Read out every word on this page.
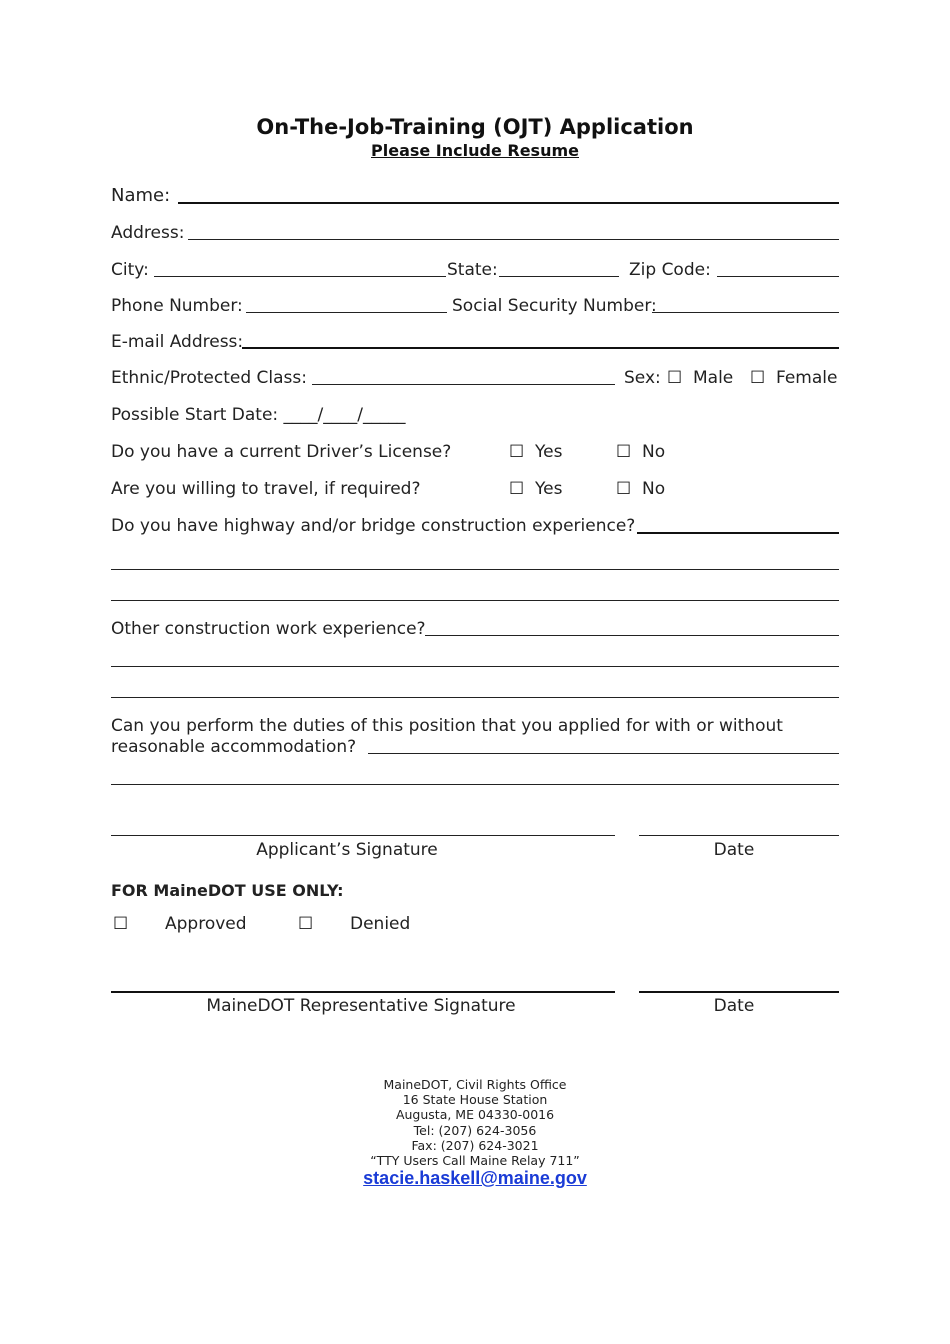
On-The-Job-Training (OJT) Application
Please Include Resume
Name:
Address:
City:	State:	Zip Code:
Phone Number:	Social Security Number:
E-mail Address:
Ethnic/Protected Class:	Sex: ☐ Male ☐ Female
Possible Start Date: ____/____/_____
Do you have a current Driver’s License?	☐ Yes	☐ No
Are you willing to travel, if required?	☐ Yes	☐ No
Do you have highway and/or bridge construction experience?
Other construction work experience?
Can you perform the duties of this position that you applied for with or without
reasonable accommodation?
Applicant’s Signature	Date
FOR MaineDOT USE ONLY:
☐ Approved	☐ Denied
MaineDOT Representative Signature	Date
MaineDOT, Civil Rights Office
16 State House Station
Augusta, ME 04330-0016
Tel: (207) 624-3056
Fax: (207) 624-3021
“TTY Users Call Maine Relay 711”
stacie.haskell@maine.gov
